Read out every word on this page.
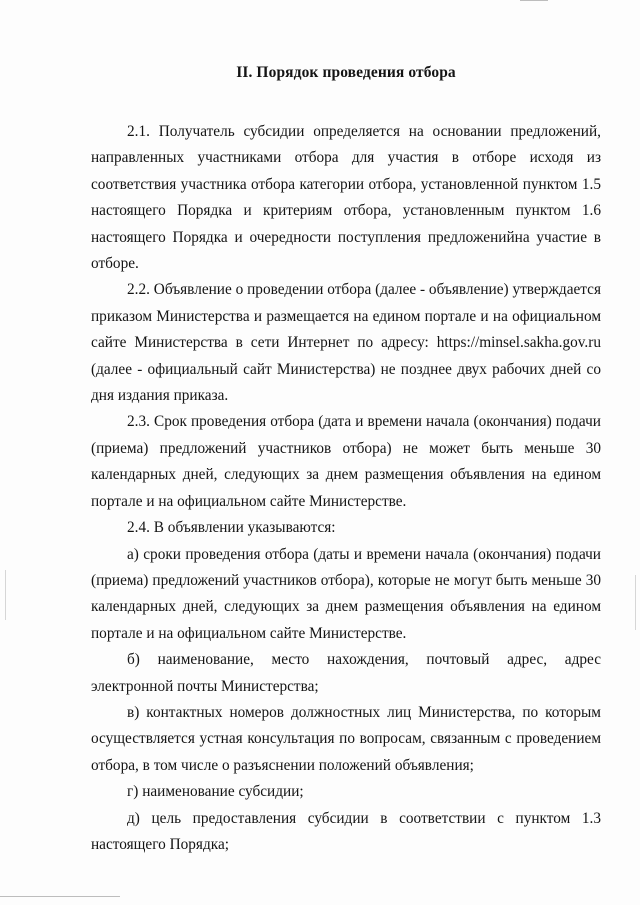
II. Порядок проведения отбора

2.1. Получатель субсидии определяется на основании предложений, направленных участниками отбора для участия в отборе исходя из соответствия участника отбора категории отбора, установленной пунктом 1.5 настоящего Порядка и критериям отбора, установленным пунктом 1.6 настоящего Порядка и очередности поступления предложенийна участие в отборе.

2.2. Объявление о проведении отбора (далее - объявление) утверждается приказом Министерства и размещается на едином портале и на официальном сайте Министерства в сети Интернет по адресу: https://minsel.sakha.gov.ru (далее - официальный сайт Министерства) не позднее двух рабочих дней со дня издания приказа.

2.3. Срок проведения отбора (дата и времени начала (окончания) подачи (приема) предложений участников отбора) не может быть меньше 30 календарных дней, следующих за днем размещения объявления на едином портале и на официальном сайте Министерстве.

2.4. В объявлении указываются:

а) сроки проведения отбора (даты и времени начала (окончания) подачи (приема) предложений участников отбора), которые не могут быть меньше 30 календарных дней, следующих за днем размещения объявления на едином портале и на официальном сайте Министерстве.

б) наименование, место нахождения, почтовый адрес, адрес электронной почты Министерства;

в) контактных номеров должностных лиц Министерства, по которым осуществляется устная консультация по вопросам, связанным с проведением отбора, в том числе о разъяснении положений объявления;

г) наименование субсидии;

д) цель предоставления субсидии в соответствии с пунктом 1.3 настоящего Порядка;
